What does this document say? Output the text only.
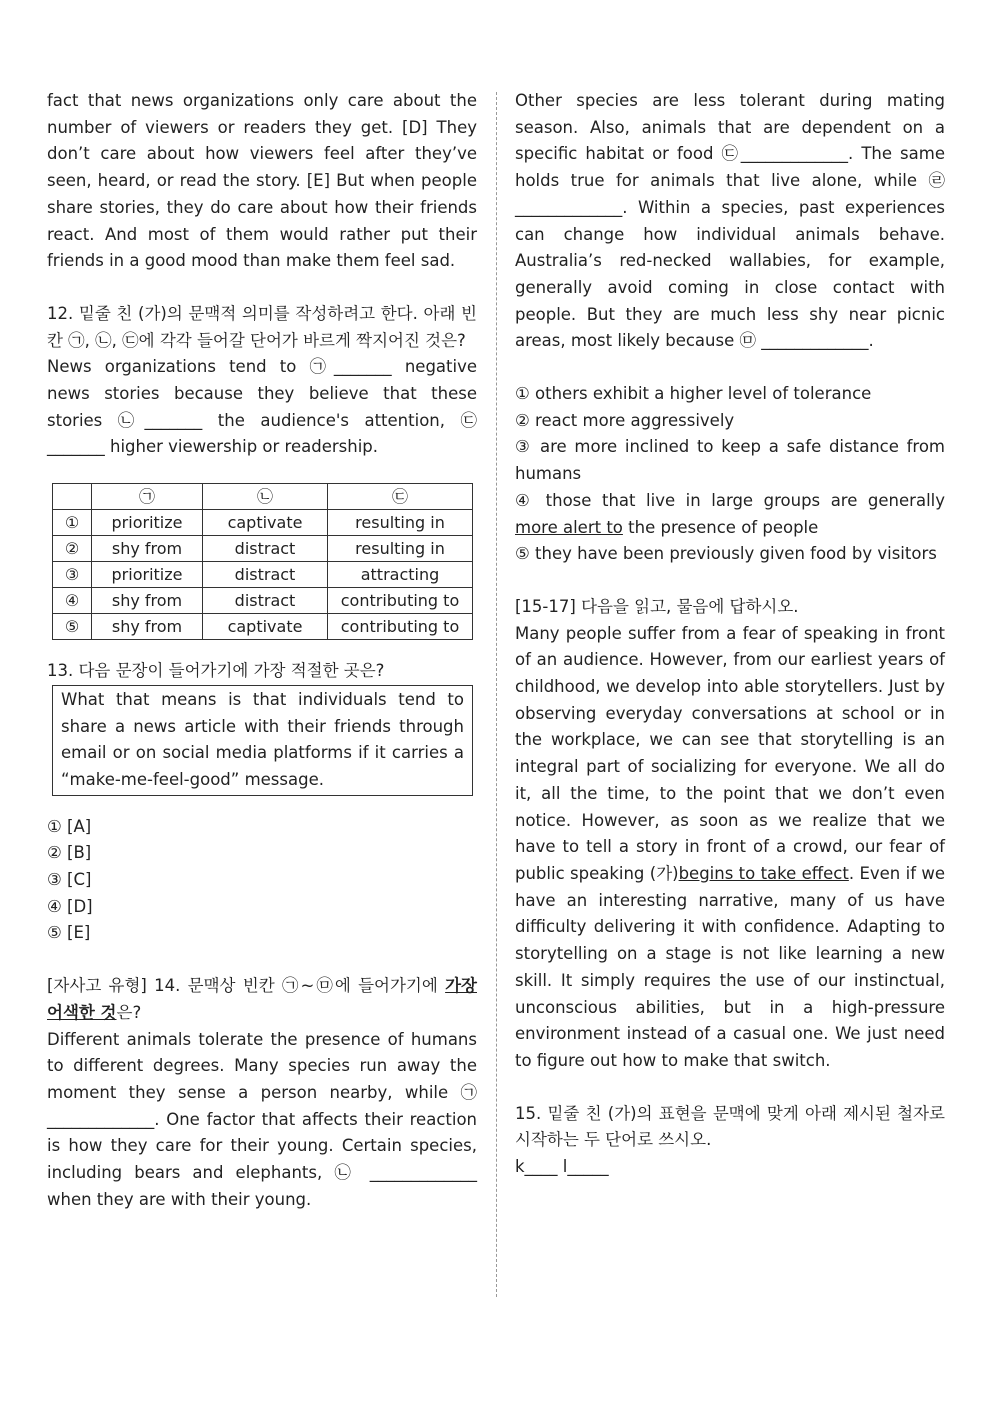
fact that news organizations only care about the number of viewers or readers they get. [D] They don’t care about how viewers feel after they’ve seen, heard, or read the story. [E] But when people share stories, they do care about how their friends react. And most of them would rather put their friends in a good mood than make them feel sad.

12. 밑줄 친 (가)의 문맥적 의미를 작성하려고 한다. 아래 빈칸 ㉠, ㉡, ㉢에 각각 들어갈 단어가 바르게 짝지어진 것은?

News organizations tend to ㉠_______ negative news stories because they believe that these stories ㉡_______ the audience's attention, ㉢ _______ higher viewership or readership.

	㉠	㉡	㉢
①	prioritize	captivate	resulting in
②	shy from	distract	resulting in
③	prioritize	distract	attracting
④	shy from	distract	contributing to
⑤	shy from	captivate	contributing to

13. 다음 문장이 들어가기에 가장 적절한 곳은?

What that means is that individuals tend to share a news article with their friends through email or on social media platforms if it carries a “make-me-feel-good” message.

① [A]

② [B]

③ [C]

④ [D]

⑤ [E]

[자사고 유형] 14. 문맥상 빈칸 ㉠~㉤에 들어가기에 가장 어색한 것은?

Different animals tolerate the presence of humans to different degrees. Many species run away the moment they sense a person nearby, while ㉠ _____________. One factor that affects their reaction is how they care for their young. Certain species, including bears and elephants, ㉡ _____________ when they are with their young.

Other species are less tolerant during mating season. Also, animals that are dependent on a specific habitat or food ㉢_____________. The same holds true for animals that live alone, while ㉣_____________. Within a species, past experiences can change how individual animals behave. Australia’s red-necked wallabies, for example, generally avoid coming in close contact with people. But they are much less shy near picnic areas, most likely because ㉤ _____________.

① others exhibit a higher level of tolerance

② react more aggressively

③ are more inclined to keep a safe distance from humans

④ those that live in large groups are generally more alert to the presence of people

⑤ they have been previously given food by visitors

[15-17] 다음을 읽고, 물음에 답하시오.

Many people suffer from a fear of speaking in front of an audience. However, from our earliest years of childhood, we develop into able storytellers. Just by observing everyday conversations at school or in the workplace, we can see that storytelling is an integral part of socializing for everyone. We all do it, all the time, to the point that we don’t even notice. However, as soon as we realize that we have to tell a story in front of a crowd, our fear of public speaking (가)begins to take effect. Even if we have an interesting narrative, many of us have difficulty delivering it with confidence. Adapting to storytelling on a stage is not like learning a new skill. It simply requires the use of our instinctual, unconscious abilities, but in a high-pressure environment instead of a casual one. We just need to figure out how to make that switch.

15. 밑줄 친 (가)의 표현을 문맥에 맞게 아래 제시된 철자로 시작하는 두 단어로 쓰시오.

k____ l_____
